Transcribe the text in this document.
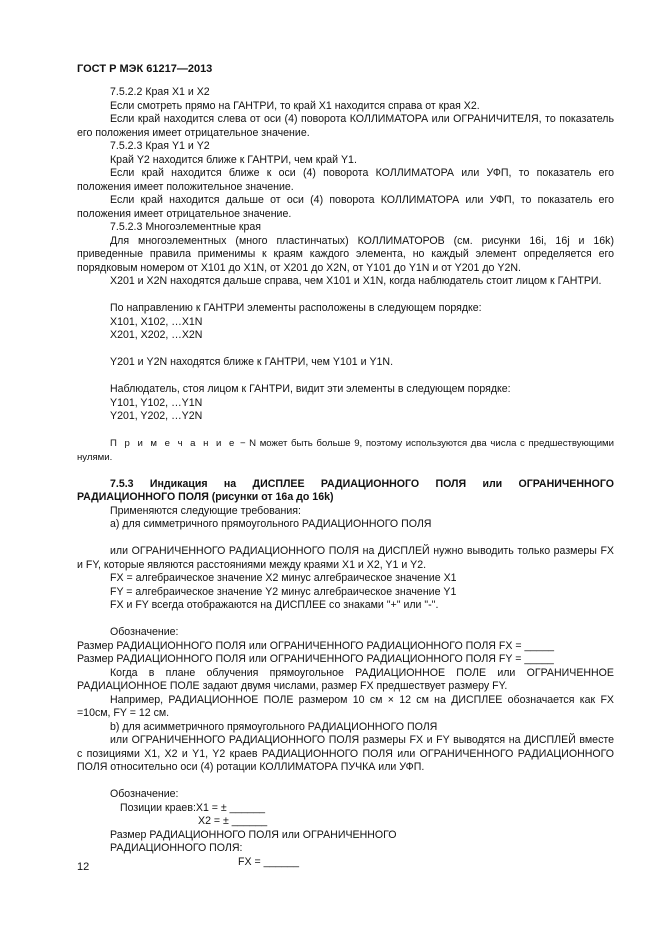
ГОСТ Р МЭК 61217—2013

7.5.2.2 Края X1 и X2

Если смотреть прямо на ГАНТРИ, то край X1 находится справа от края X2.

Если край находится слева от оси (4) поворота КОЛЛИМАТОРА или ОГРАНИЧИТЕЛЯ, то показатель его положения имеет отрицательное значение.

7.5.2.3 Края Y1 и Y2

Край Y2 находится ближе к ГАНТРИ, чем край Y1.

Если край находится ближе к оси (4) поворота КОЛЛИМАТОРА или УФП, то показатель его положения имеет положительное значение.

Если край находится дальше от оси (4) поворота КОЛЛИМАТОРА или УФП, то показатель его положения имеет отрицательное значение.

7.5.2.3 Многоэлементные края

Для многоэлементных (много пластинчатых) КОЛЛИМАТОРОВ (см. рисунки 16i, 16j и 16k) приведенные правила применимы к краям каждого элемента, но каждый элемент определяется его порядковым номером от X101 до X1N, от X201 до X2N, от Y101 до Y1N и от Y201 до Y2N.

X201 и X2N находятся дальше справа, чем X101 и X1N, когда наблюдатель стоит лицом к ГАНТРИ.

По направлению к ГАНТРИ элементы расположены в следующем порядке:

X101, X102, …X1N

X201, X202, …X2N

Y201 и Y2N находятся ближе к ГАНТРИ, чем Y101 и Y1N.

Наблюдатель, стоя лицом к ГАНТРИ, видит эти элементы в следующем порядке:

Y101, Y102, …Y1N

Y201, Y202, …Y2N

П р и м е ч а н и е − N может быть больше 9, поэтому используются два числа с предшествующими нулями.

7.5.3 Индикация на ДИСПЛЕЕ РАДИАЦИОННОГО ПОЛЯ или ОГРАНИЧЕННОГО РАДИАЦИОННОГО ПОЛЯ (рисунки от 16а до 16k)

Применяются следующие требования:

а) для симметричного прямоугольного РАДИАЦИОННОГО ПОЛЯ

или ОГРАНИЧЕННОГО РАДИАЦИОННОГО ПОЛЯ на ДИСПЛЕЙ нужно выводить только размеры FX и FY, которые являются расстояниями между краями X1 и X2, Y1 и Y2.

FX = алгебраическое значение X2 минус алгебраическое значение X1

FY = алгебраическое значение Y2 минус алгебраическое значение Y1

FX и FY всегда отображаются на ДИСПЛЕЕ со знаками "+" или "-".

Обозначение:

Размер РАДИАЦИОННОГО ПОЛЯ или ОГРАНИЧЕННОГО РАДИАЦИОННОГО ПОЛЯ FX = _____

Размер РАДИАЦИОННОГО ПОЛЯ или ОГРАНИЧЕННОГО РАДИАЦИОННОГО ПОЛЯ FY = _____

Когда в плане облучения прямоугольное РАДИАЦИОННОЕ ПОЛЕ или ОГРАНИЧЕННОЕ РАДИАЦИОННОЕ ПОЛЕ задают двумя числами, размер FX предшествует размеру FY.

Например, РАДИАЦИОННОЕ ПОЛЕ размером 10 см × 12 см на ДИСПЛЕЕ обозначается как FX =10см, FY = 12 см.

b) для асимметричного прямоугольного РАДИАЦИОННОГО ПОЛЯ

или ОГРАНИЧЕННОГО РАДИАЦИОННОГО ПОЛЯ размеры FX и FY выводятся на ДИСПЛЕЙ вместе с позициями X1, X2 и Y1, Y2 краев РАДИАЦИОННОГО ПОЛЯ или ОГРАНИЧЕННОГО РАДИАЦИОННОГО ПОЛЯ относительно оси (4) ротации КОЛЛИМАТОРА ПУЧКА или УФП.

Обозначение:

Позиции краев:X1 = ± ______

X2 = ± ______

Размер РАДИАЦИОННОГО ПОЛЯ или ОГРАНИЧЕННОГО

РАДИАЦИОННОГО ПОЛЯ:

FX = ______

12
